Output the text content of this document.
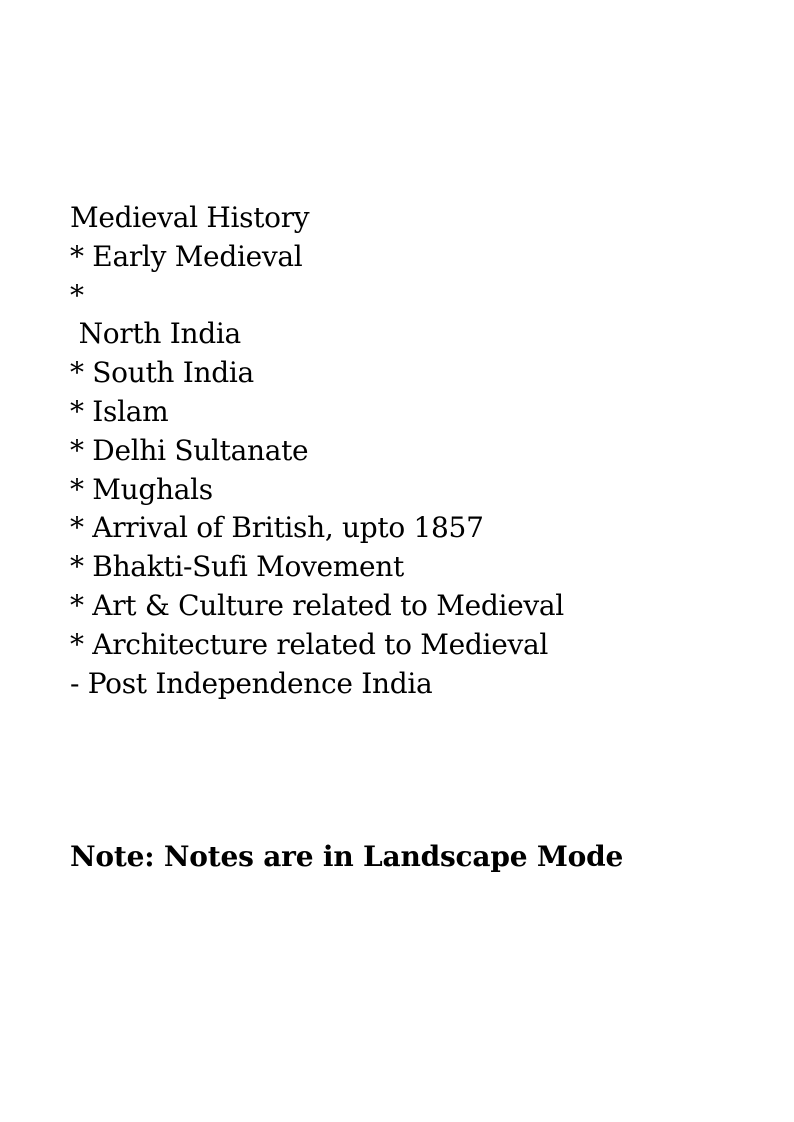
Medieval History
* Early Medieval
*
North India
* South India
* Islam
* Delhi Sultanate
* Mughals
* Arrival of British, upto 1857
* Bhakti-Sufi Movement
* Art & Culture related to Medieval
* Architecture related to Medieval
- Post Independence India
Note: Notes are in Landscape Mode
